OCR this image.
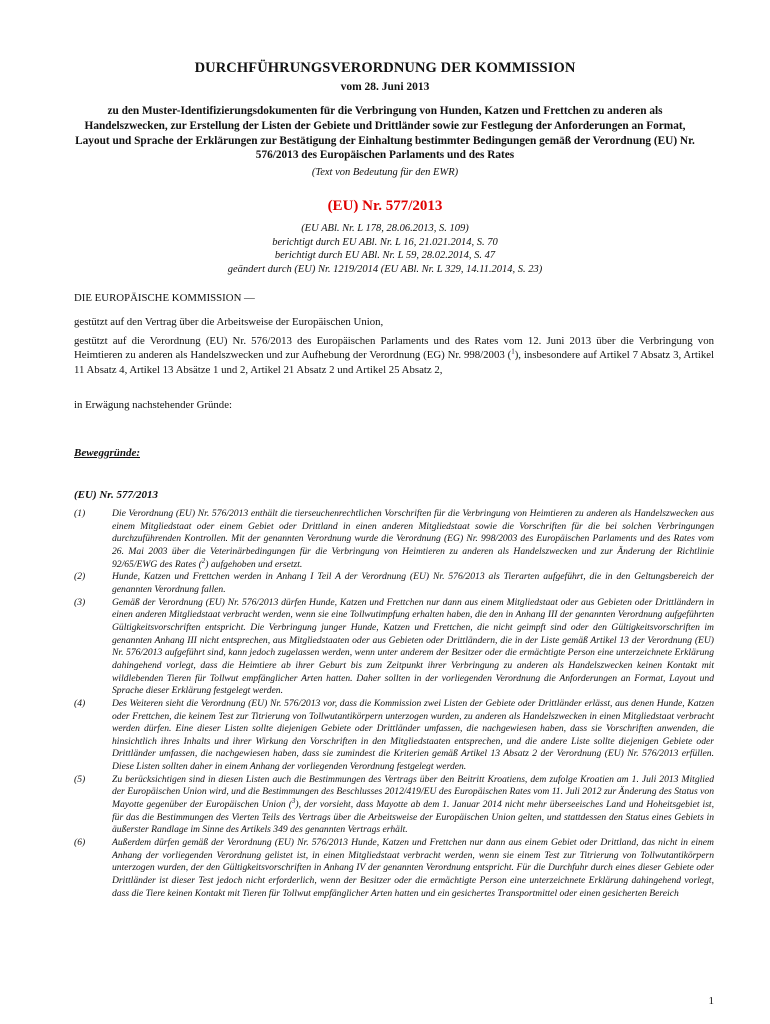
DURCHFÜHRUNGSVERORDNUNG DER KOMMISSION
vom 28. Juni 2013
zu den Muster-Identifizierungsdokumenten für die Verbringung von Hunden, Katzen und Frettchen zu anderen als Handelszwecken, zur Erstellung der Listen der Gebiete und Drittländer sowie zur Festlegung der Anforderungen an Format, Layout und Sprache der Erklärungen zur Bestätigung der Einhaltung bestimmter Bedingungen gemäß der Verordnung (EU) Nr. 576/2013 des Europäischen Parlaments und des Rates
(Text von Bedeutung für den EWR)
(EU) Nr. 577/2013
(EU ABl. Nr. L 178, 28.06.2013, S. 109)
berichtigt durch EU ABl. Nr. L 16, 21.021.2014, S. 70
berichtigt durch EU ABl. Nr. L 59, 28.02.2014, S. 47
geändert durch (EU) Nr. 1219/2014 (EU ABl. Nr. L 329, 14.11.2014, S. 23)
DIE EUROPÄISCHE KOMMISSION —
gestützt auf den Vertrag über die Arbeitsweise der Europäischen Union,
gestützt auf die Verordnung (EU) Nr. 576/2013 des Europäischen Parlaments und des Rates vom 12. Juni 2013 über die Verbringung von Heimtieren zu anderen als Handelszwecken und zur Aufhebung der Verordnung (EG) Nr. 998/2003 ($^1$), insbesondere auf Artikel 7 Absatz 3, Artikel 11 Absatz 4, Artikel 13 Absätze 1 und 2, Artikel 21 Absatz 2 und Artikel 25 Absatz 2,
in Erwägung nachstehender Gründe:
Beweggründe:
(EU) Nr. 577/2013
(1)	Die Verordnung (EU) Nr. 576/2013 enthält die tierseuchenrechtlichen Vorschriften für die Verbringung von Heimtieren zu anderen als Handelszwecken aus einem Mitgliedstaat oder einem Gebiet oder Drittland in einen anderen Mitgliedstaat sowie die Vorschriften für die bei solchen Verbringungen durchzuführenden Kontrollen. Mit der genannten Verordnung wurde die Verordnung (EG) Nr. 998/2003 des Europäischen Parlaments und des Rates vom 26. Mai 2003 über die Veterinärbedingungen für die Verbringung von Heimtieren zu anderen als Handelszwecken und zur Änderung der Richtlinie 92/65/EWG des Rates ($^2$) aufgehoben und ersetzt.
(2)	Hunde, Katzen und Frettchen werden in Anhang I Teil A der Verordnung (EU) Nr. 576/2013 als Tierarten aufgeführt, die in den Geltungsbereich der genannten Verordnung fallen.
(3)	Gemäß der Verordnung (EU) Nr. 576/2013 dürfen Hunde, Katzen und Frettchen nur dann aus einem Mitgliedstaat oder aus Gebieten oder Drittländern in einen anderen Mitgliedstaat verbracht werden, wenn sie eine Tollwutimpfung erhalten haben, die den in Anhang III der genannten Verordnung aufgeführten Gültigkeitsvorschriften entspricht. Die Verbringung junger Hunde, Katzen und Frettchen, die nicht geimpft sind oder den Gültigkeitsvorschriften im genannten Anhang III nicht entsprechen, aus Mitgliedstaaten oder aus Gebieten oder Drittländern, die in der Liste gemäß Artikel 13 der Verordnung (EU) Nr. 576/2013 aufgeführt sind, kann jedoch zugelassen werden, wenn unter anderem der Besitzer oder die ermächtigte Person eine unterzeichnete Erklärung dahingehend vorlegt, dass die Heimtiere ab ihrer Geburt bis zum Zeitpunkt ihrer Verbringung zu anderen als Handelszwecken keinen Kontakt mit wildlebenden Tieren für Tollwut empfänglicher Arten hatten. Daher sollten in der vorliegenden Verordnung die Anforderungen an Format, Layout und Sprache dieser Erklärung festgelegt werden.
(4)	Des Weiteren sieht die Verordnung (EU) Nr. 576/2013 vor, dass die Kommission zwei Listen der Gebiete oder Drittländer erlässt, aus denen Hunde, Katzen oder Frettchen, die keinem Test zur Titrierung von Tollwutantikörpern unterzogen wurden, zu anderen als Handelszwecken in einen Mitgliedstaat verbracht werden dürfen. Eine dieser Listen sollte diejenigen Gebiete oder Drittländer umfassen, die nachgewiesen haben, dass sie Vorschriften anwenden, die hinsichtlich ihres Inhalts und ihrer Wirkung den Vorschriften in den Mitgliedstaaten entsprechen, und die andere Liste sollte diejenigen Gebiete oder Drittländer umfassen, die nachgewiesen haben, dass sie zumindest die Kriterien gemäß Artikel 13 Absatz 2 der Verordnung (EU) Nr. 576/2013 erfüllen. Diese Listen sollten daher in einem Anhang der vorliegenden Verordnung festgelegt werden.
(5)	Zu berücksichtigen sind in diesen Listen auch die Bestimmungen des Vertrags über den Beitritt Kroatiens, dem zufolge Kroatien am 1. Juli 2013 Mitglied der Europäischen Union wird, und die Bestimmungen des Beschlusses 2012/419/EU des Europäischen Rates vom 11. Juli 2012 zur Änderung des Status von Mayotte gegenüber der Europäischen Union ($^3$), der vorsieht, dass Mayotte ab dem 1. Januar 2014 nicht mehr überseeisches Land und Hoheitsgebiet ist, für das die Bestimmungen des Vierten Teils des Vertrags über die Arbeitsweise der Europäischen Union gelten, und stattdessen den Status eines Gebiets in äußerster Randlage im Sinne des Artikels 349 des genannten Vertrags erhält.
(6)	Außerdem dürfen gemäß der Verordnung (EU) Nr. 576/2013 Hunde, Katzen und Frettchen nur dann aus einem Gebiet oder Drittland, das nicht in einem Anhang der vorliegenden Verordnung gelistet ist, in einen Mitgliedstaat verbracht werden, wenn sie einem Test zur Titrierung von Tollwutantikörpern unterzogen wurden, der den Gültigkeitsvorschriften in Anhang IV der genannten Verordnung entspricht. Für die Durchfuhr durch eines dieser Gebiete oder Drittländer ist dieser Test jedoch nicht erforderlich, wenn der Besitzer oder die ermächtigte Person eine unterzeichnete Erklärung dahingehend vorlegt, dass die Tiere keinen Kontakt mit Tieren für Tollwut empfänglicher Arten hatten und ein gesichertes Transportmittel oder einen gesicherten Bereich
1
